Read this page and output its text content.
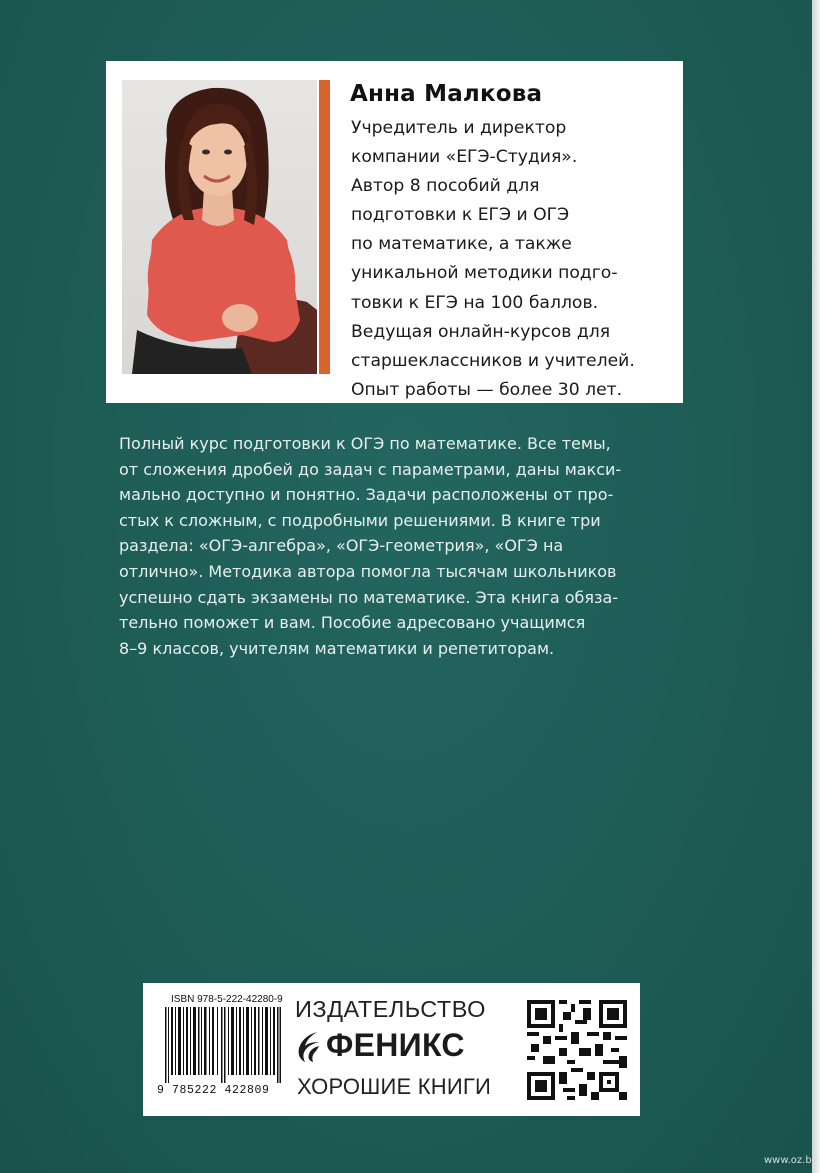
Анна Малкова
Учредитель и директор
компании «ЕГЭ-Студия».
Автор 8 пособий для
подготовки к ЕГЭ и ОГЭ
по математике, а также
уникальной методики подго-
товки к ЕГЭ на 100 баллов.
Ведущая онлайн-курсов для
старшеклассников и учителей.
Опыт работы — более 30 лет.
Полный курс подготовки к ОГЭ по математике. Все темы,
от сложения дробей до задач с параметрами, даны макси-
мально доступно и понятно. Задачи расположены от про-
стых к сложным, с подробными решениями. В книге три
раздела: «ОГЭ-алгебра», «ОГЭ-геометрия», «ОГЭ на
отлично». Методика автора помогла тысячам школьников
успешно сдать экзамены по математике. Эта книга обяза-
тельно поможет и вам. Пособие адресовано учащимся
8–9 классов, учителям математики и репетиторам.
ISBN 978-5-222-42280-9
9 785222 422809
ИЗДАТЕЛЬСТВО
ФЕНИКС
ХОРОШИЕ КНИГИ
www.oz.by
